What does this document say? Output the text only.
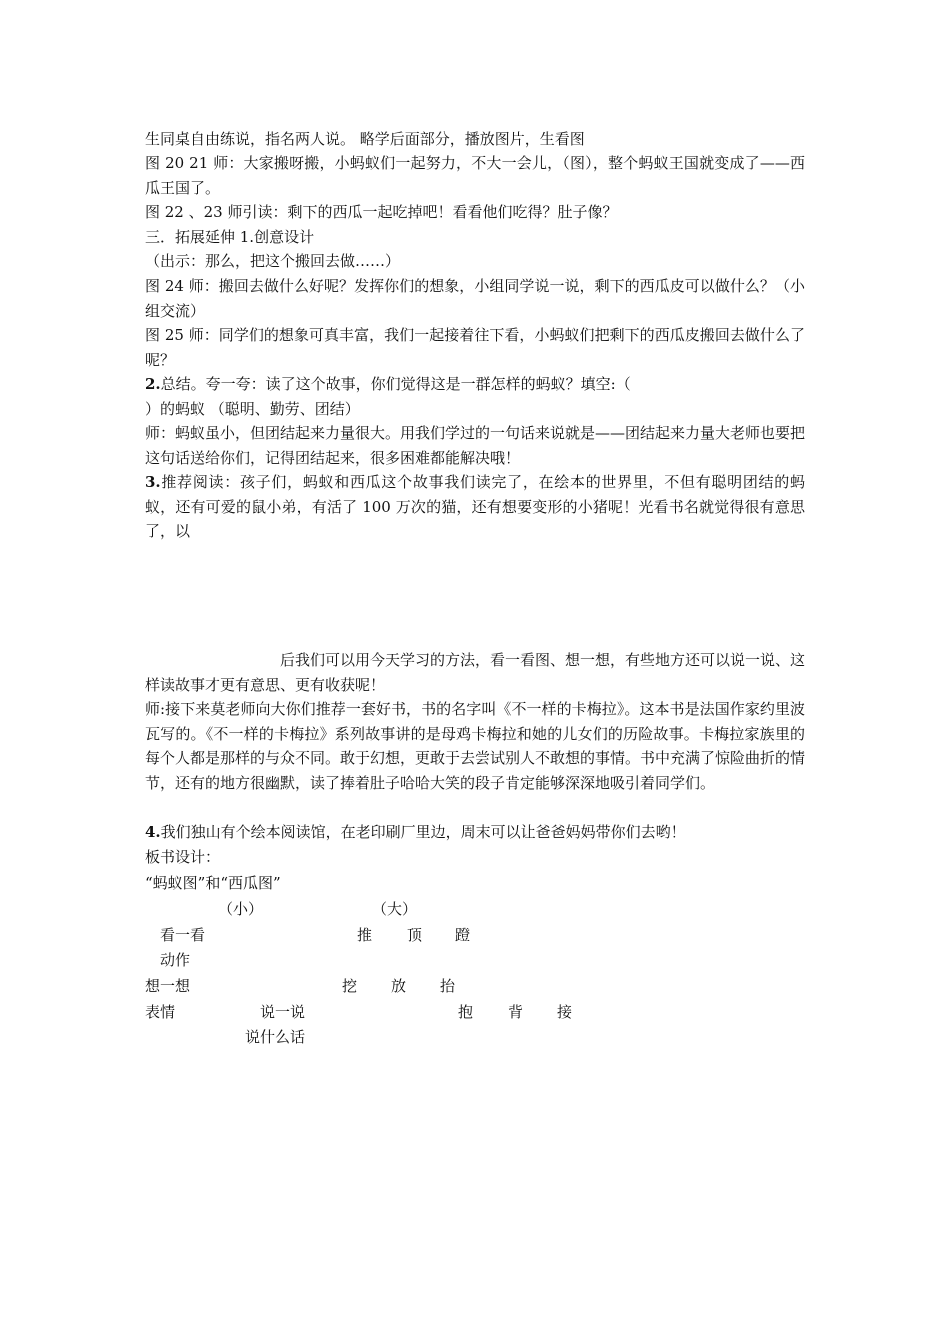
生同桌自由练说，指名两人说。 略学后面部分，播放图片，生看图

图 20 21 师：大家搬呀搬，小蚂蚁们一起努力，不大一会儿，（图），整个蚂蚁王国就变成了——西瓜王国了。

图 22 、23 师引读：剩下的西瓜一起吃掉吧！看看他们吃得？肚子像？

三．拓展延伸 1.创意设计

（出示：那么，把这个搬回去做……）

图 24 师：搬回去做什么好呢？发挥你们的想象，小组同学说一说，剩下的西瓜皮可以做什么？（小组交流）

图 25 师：同学们的想象可真丰富，我们一起接着往下看，小蚂蚁们把剩下的西瓜皮搬回去做什么了呢？

2.总结。夸一夸：读了这个故事，你们觉得这是一群怎样的蚂蚁？填空:（

）的蚂蚁 （聪明、勤劳、团结）

师：蚂蚁虽小，但团结起来力量很大。用我们学过的一句话来说就是——团结起来力量大老师也要把这句话送给你们，记得团结起来，很多困难都能解决哦！

3.推荐阅读：孩子们，蚂蚁和西瓜这个故事我们读完了，在绘本的世界里，不但有聪明团结的蚂蚁，还有可爱的鼠小弟，有活了 100 万次的猫，还有想要变形的小猪呢！光看书名就觉得很有意思了，以

后我们可以用今天学习的方法，看一看图、想一想，有些地方还可以说一说、这样读故事才更有意思、更有收获呢！

师:接下来莫老师向大你们推荐一套好书，书的名字叫《不一样的卡梅拉》。这本书是法国作家约里波瓦写的。《不一样的卡梅拉》系列故事讲的是母鸡卡梅拉和她的儿女们的历险故事。卡梅拉家族里的每个人都是那样的与众不同。敢于幻想，更敢于去尝试别人不敢想的事情。书中充满了惊险曲折的情节，还有的地方很幽默，读了捧着肚子哈哈大笑的段子肯定能够深深地吸引着同学们。

4.我们独山有个绘本阅读馆，在老印刷厂里边，周末可以让爸爸妈妈带你们去哟！

板书设计：

“蚂蚁图”和“西瓜图”
（小）	（大）
看一看	推 顶 蹬
动作
想一想	挖 放 抬
表情	说一说	抱 背 接
说什么话
